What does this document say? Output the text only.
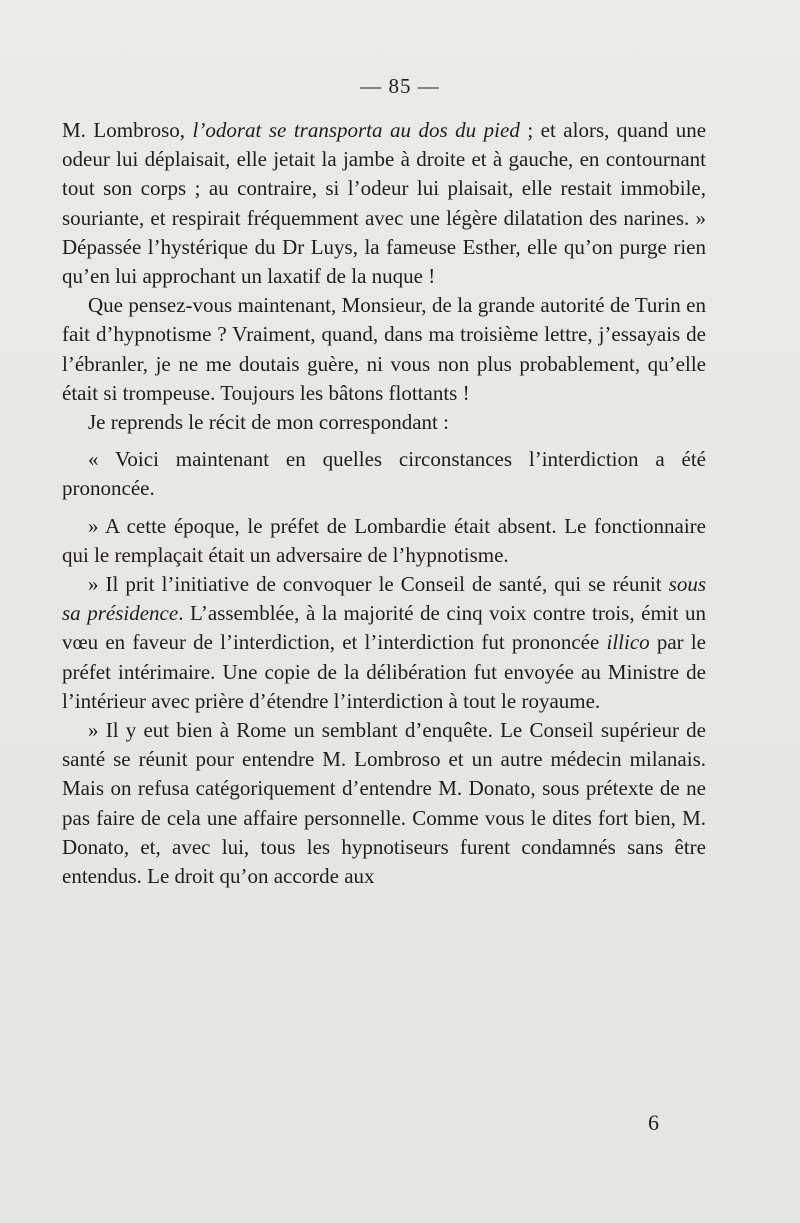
— 85 —

M. Lombroso, l’odorat se transporta au dos du pied ; et alors, quand une odeur lui déplaisait, elle jetait la jambe à droite et à gauche, en contournant tout son corps ; au contraire, si l’odeur lui plaisait, elle restait immobile, souriante, et respirait fréquemment avec une légère dilatation des narines. » Dépassée l’hystérique du Dr Luys, la fameuse Esther, elle qu’on purge rien qu’en lui approchant un laxatif de la nuque !

Que pensez-vous maintenant, Monsieur, de la grande autorité de Turin en fait d’hypnotisme ? Vraiment, quand, dans ma troisième lettre, j’essayais de l’ébranler, je ne me doutais guère, ni vous non plus probablement, qu’elle était si trompeuse. Toujours les bâtons flottants !

Je reprends le récit de mon correspondant :

« Voici maintenant en quelles circonstances l’interdiction a été prononcée.

» A cette époque, le préfet de Lombardie était absent. Le fonctionnaire qui le remplaçait était un adversaire de l’hypnotisme.

» Il prit l’initiative de convoquer le Conseil de santé, qui se réunit sous sa présidence. L’assemblée, à la majorité de cinq voix contre trois, émit un vœu en faveur de l’interdiction, et l’interdiction fut prononcée illico par le préfet intérimaire. Une copie de la délibération fut envoyée au Ministre de l’intérieur avec prière d’étendre l’interdiction à tout le royaume.

» Il y eut bien à Rome un semblant d’enquête. Le Conseil supérieur de santé se réunit pour entendre M. Lombroso et un autre médecin milanais. Mais on refusa catégoriquement d’entendre M. Donato, sous prétexte de ne pas faire de cela une affaire personnelle. Comme vous le dites fort bien, M. Donato, et, avec lui, tous les hypnotiseurs furent condamnés sans être entendus. Le droit qu’on accorde aux

6
